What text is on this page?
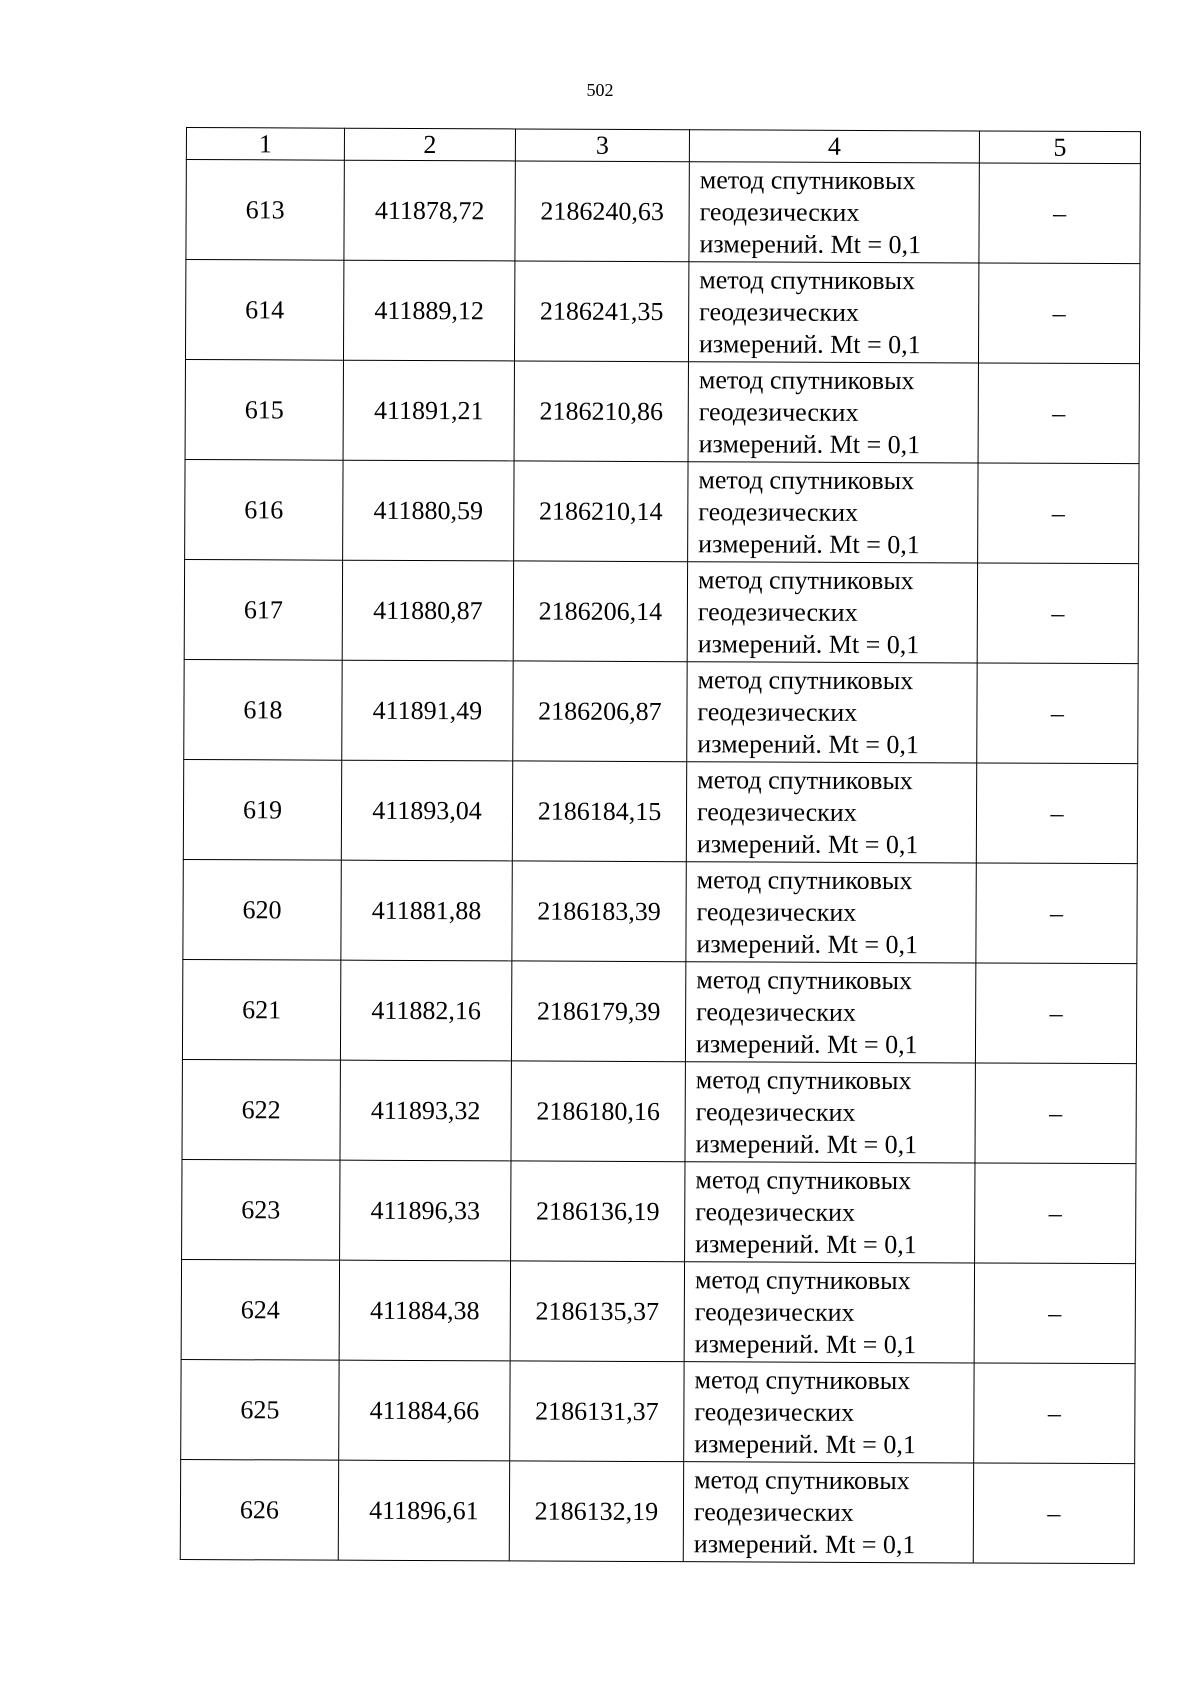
502
1	2	3	4	5
613	411878,72	2186240,63	метод спутниковых
геодезических
измерений. Mt = 0,1	–
614	411889,12	2186241,35	метод спутниковых
геодезических
измерений. Mt = 0,1	–
615	411891,21	2186210,86	метод спутниковых
геодезических
измерений. Mt = 0,1	–
616	411880,59	2186210,14	метод спутниковых
геодезических
измерений. Mt = 0,1	–
617	411880,87	2186206,14	метод спутниковых
геодезических
измерений. Mt = 0,1	–
618	411891,49	2186206,87	метод спутниковых
геодезических
измерений. Mt = 0,1	–
619	411893,04	2186184,15	метод спутниковых
геодезических
измерений. Mt = 0,1	–
620	411881,88	2186183,39	метод спутниковых
геодезических
измерений. Mt = 0,1	–
621	411882,16	2186179,39	метод спутниковых
геодезических
измерений. Mt = 0,1	–
622	411893,32	2186180,16	метод спутниковых
геодезических
измерений. Mt = 0,1	–
623	411896,33	2186136,19	метод спутниковых
геодезических
измерений. Mt = 0,1	–
624	411884,38	2186135,37	метод спутниковых
геодезических
измерений. Mt = 0,1	–
625	411884,66	2186131,37	метод спутниковых
геодезических
измерений. Mt = 0,1	–
626	411896,61	2186132,19	метод спутниковых
геодезических
измерений. Mt = 0,1	–
